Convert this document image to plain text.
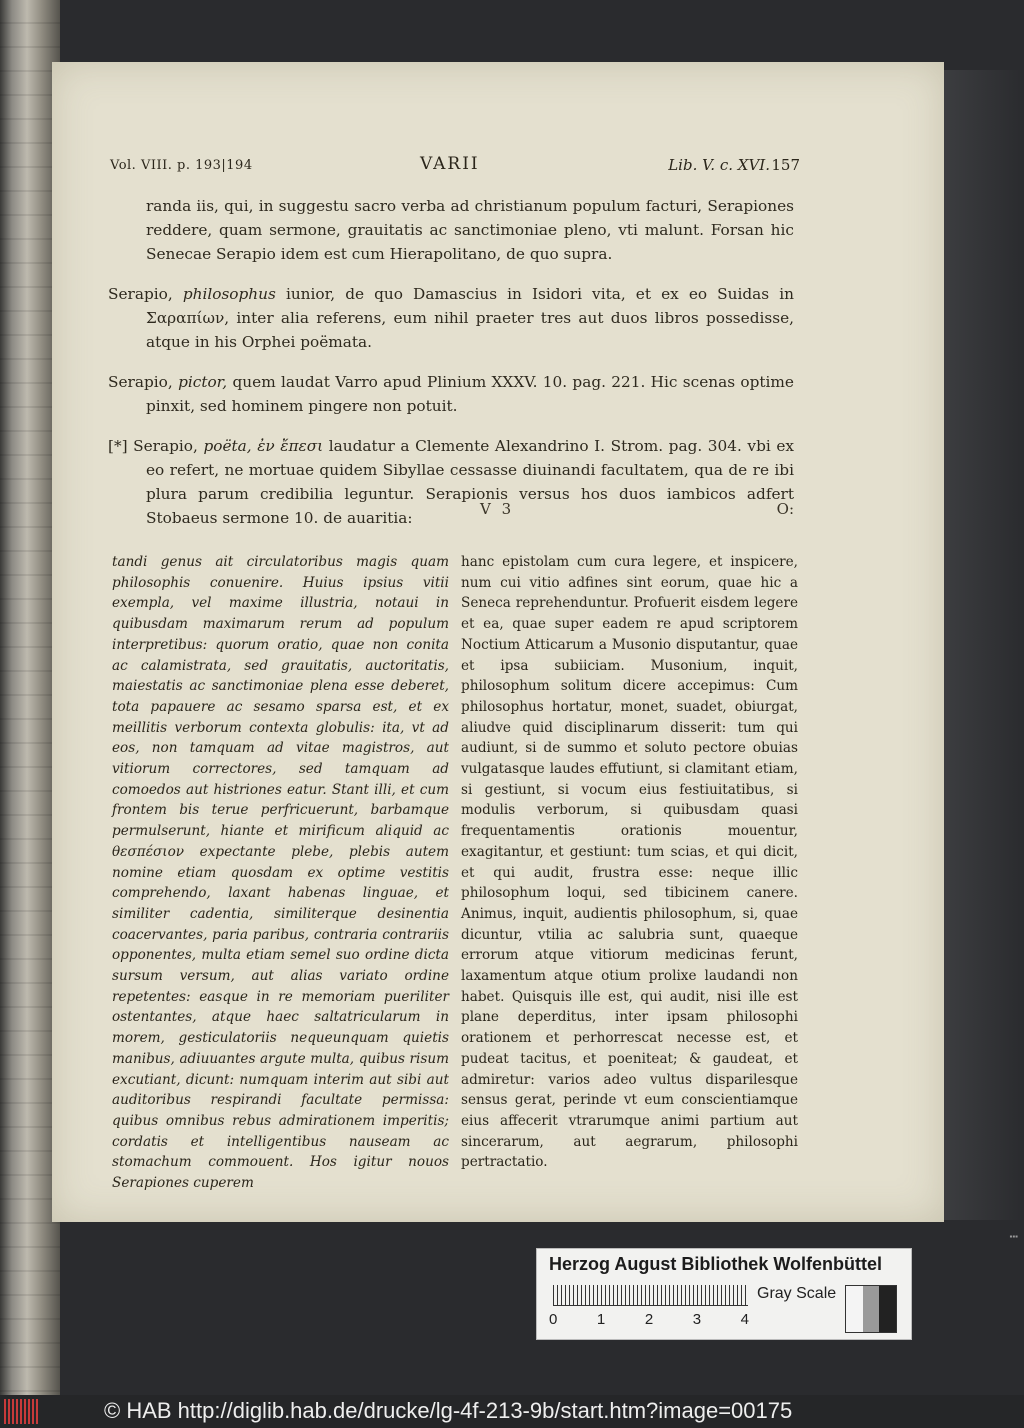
Vol. VIII. p. 193|194	VARII	Lib. V. c. XVI. 157

randa iis, qui, in suggestu sacro verba ad christianum populum facturi, Serapiones reddere, quam sermone, grauitatis ac sanctimoniae pleno, vti malunt. Forsan hic Senecae Serapio idem est cum Hierapolitano, de quo supra.

Serapio, philosophus iunior, de quo Damascius in Isidori vita, et ex eo Suidas in Σαραπίων, inter alia referens, eum nihil praeter tres aut duos libros possedisse, atque in his Orphei poëmata.

Serapio, pictor, quem laudat Varro apud Plinium XXXV. 10. pag. 221. Hic scenas optime pinxit, sed hominem pingere non potuit.

[*] Serapio, poëta, ἐν ἔπεσι laudatur a Clemente Alexandrino I. Strom. pag. 304. vbi ex eo refert, ne mortuae quidem Sibyllae cessasse diuinandi facultatem, qua de re ibi plura parum credibilia leguntur. Serapionis versus hos duos iambicos adfert Stobaeus sermone 10. de auaritia:	V 3	O:
tandi genus ait circulatoribus magis quam philosophis conuenire. Huius ipsius vitii exempla, vel maxime illustria, notaui in quibusdam maximarum rerum ad populum interpretibus: quorum oratio, quae non conita ac calamistrata, sed grauitatis, auctoritatis, maiestatis ac sanctimoniae plena esse deberet, tota papauere ac sesamo sparsa est, et ex meillitis verborum contexta globulis: ita, vt ad eos, non tamquam ad vitae magistros, aut vitiorum correctores, sed tamquam ad comoedos aut histriones eatur. Stant illi, et cum frontem bis terue perfricuerunt, barbamque permulserunt, hiante et mirificum aliquid ac θεσπέσιον expectante plebe, plebis autem nomine etiam quosdam ex optime vestitis comprehendo, laxant habenas linguae, et similiter cadentia, similiterque desinentia coacervantes, paria paribus, contraria contrariis opponentes, multa etiam semel suo ordine dicta sursum versum, aut alias variato ordine repetentes: easque in re memoriam pueriliter ostentantes, atque haec saltatricularum in morem, gesticulatoriis nequeunquam quietis manibus, adiuuantes argute multa, quibus risum excutiant, dicunt: numquam interim aut sibi aut auditoribus respirandi facultate permissa: quibus omnibus rebus admirationem imperitis; cordatis et intelligentibus nauseam ac stomachum commouent. Hos igitur nouos Serapiones cuperem
hanc epistolam cum cura legere, et inspicere, num cui vitio adfines sint eorum, quae hic a Seneca reprehenduntur. Profuerit eisdem legere et ea, quae super eadem re apud scriptorem Noctium Atticarum a Musonio disputantur, quae et ipsa subiiciam. Musonium, inquit, philosophum solitum dicere accepimus: Cum philosophus hortatur, monet, suadet, obiurgat, aliudve quid disciplinarum disserit: tum qui audiunt, si de summo et soluto pectore obuias vulgatasque laudes effutiunt, si clamitant etiam, si gestiunt, si vocum eius festiuitatibus, si modulis verborum, si quibusdam quasi frequentamentis orationis mouentur, exagitantur, et gestiunt: tum scias, et qui dicit, et qui audit, frustra esse: neque illic philosophum loqui, sed tibicinem canere. Animus, inquit, audientis philosophum, si, quae dicuntur, vtilia ac salubria sunt, quaeque errorum atque vitiorum medicinas ferunt, laxamentum atque otium prolixe laudandi non habet. Quisquis ille est, qui audit, nisi ille est plane deperditus, inter ipsam philosophi orationem et perhorrescat necesse est, et pudeat tacitus, et poeniteat; & gaudeat, et admiretur: varios adeo vultus disparilesque sensus gerat, perinde vt eum conscientiamque eius affecerit vtrarumque animi partium aut sincerarum, aut aegrarum, philosophi pertractatio.
▪▪▪
Herzog August Bibliothek Wolfenbüttel
0	1	2	3	4
Gray Scale
© HAB http://diglib.hab.de/drucke/lg-4f-213-9b/start.htm?image=00175
